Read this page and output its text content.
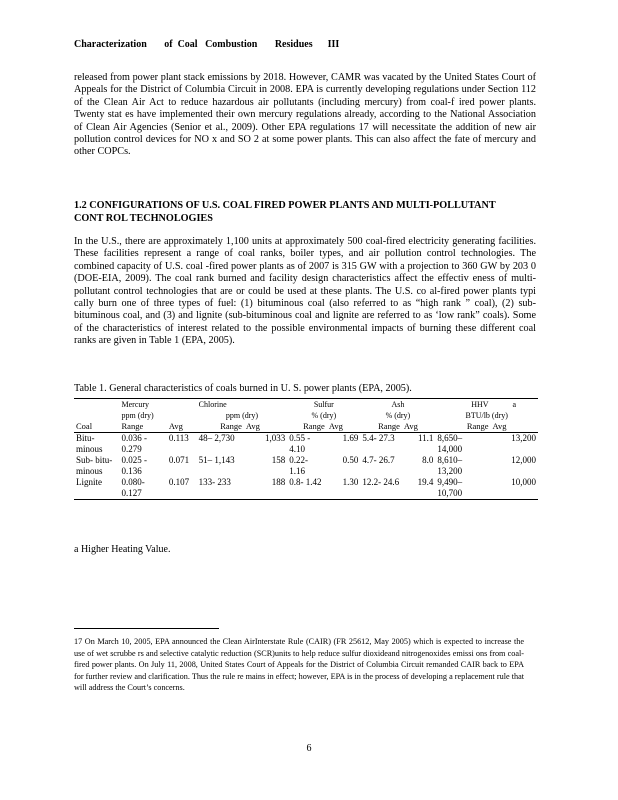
Characterization       of  Coal   Combustion       Residues      III
released from power plant stack emissions by 2018. However, CAMR was vacated by the United States Court of Appeals for the District of Columbia Circuit in 2008. EPA is currently developing regulations under Section 112 of the Clean Air Act to reduce hazardous air pollutants (including mercury) from coal-f ired power plants. Twenty stat es have implemented their own mercury regulations already, according to the National Association of Clean Air Agencies (Senior et al., 2009). Other EPA regulations 17 will necessitate the addition of new air pollution control devices for NO x and SO 2 at some power plants. This can also affect the fate of mercury and other COPCs.
1.2 CONFIGURATIONS OF U.S. COAL FIRED POWER PLANTS AND MULTI-POLLUTANT CONT ROL TECHNOLOGIES
In the U.S., there are approximately 1,100 units at approximately 500 coal-fired electricity generating facilities. These facilities represent a range of coal ranks, boiler types, and air pollution control technologies. The combined capacity of U.S. coal -fired power plants as of 2007 is 315 GW with a projection to 360 GW by 203 0 (DOE-EIA, 2009). The coal rank burned and facility design characteristics affect the effectiv eness of multi-pollutant control technologies that are or could be used at these plants. The U.S. co al-fired power plants typi cally burn one of three types of fuel: (1) bituminous coal (also referred to as “high rank ” coal), (2) sub-bituminous coal, and (3) and lignite (sub-bituminous coal and lignite are referred to as ‘low rank” coals). Some of the characteristics of interest related to the possible environmental impacts of burning these different coal ranks are given in Table 1 (EPA, 2005).
Table 1. General characteristics of coals burned in U. S. power plants (EPA, 2005).
	Mercury		Chlorine		Sulfur		Ash		HHV	a
	ppm (dry)		ppm (dry)		% (dry)		% (dry)		BTU/lb (dry)	
Coal	Range	Avg	Range	Avg	Range	Avg	Range	Avg	Range	Avg
Bitu- minous	0.036 - 0.279	0.113	48– 2,730	1,033	0.55 - 4.10	1.69	5.4- 27.3	11.1	8,650– 14,000	13,200
Sub- bitu- minous	0.025 - 0.136	0.071	51– 1,143	158	0.22- 1.16	0.50	4.7- 26.7	8.0	8,610– 13,200	12,000
Lignite	0.080- 0.127	0.107	133- 233	188	0.8- 1.42	1.30	12.2- 24.6	19.4	9,490– 10,700	10,000
a Higher Heating Value.
17 On March 10, 2005, EPA announced the Clean AirInterstate Rule (CAIR) (FR 25612, May 2005) which is expected to increase the use of wet scrubbe rs and selective catalytic reduction (SCR)units to help reduce sulfur dioxideand nitrogenoxides emissi ons from coal-fired power plants. On July 11, 2008, United States Court of Appeals for the District of Columbia Circuit remanded CAIR back to EPA for further review and clarification. Thus the rule re mains in effect; however, EPA is in the process of developing a replacement rule that will address the Court’s concerns.
6
